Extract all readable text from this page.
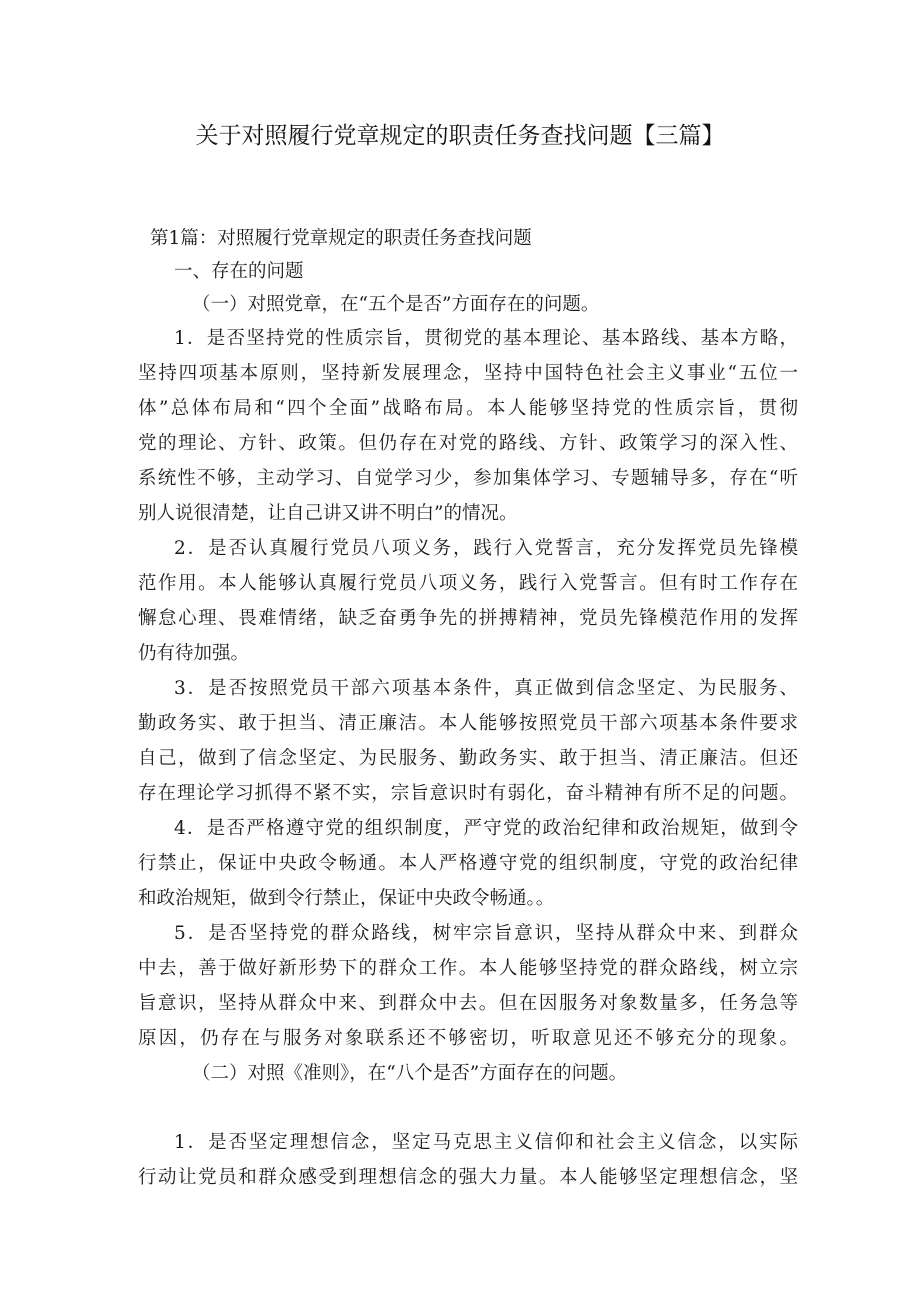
关于对照履行党章规定的职责任务查找问题【三篇】
第1篇：对照履行党章规定的职责任务查找问题
一、存在的问题
（一）对照党章，在“五个是否”方面存在的问题。
1．是否坚持党的性质宗旨，贯彻党的基本理论、基本路线、基本方略，
坚持四项基本原则，坚持新发展理念，坚持中国特色社会主义事业“五位一
体”总体布局和“四个全面”战略布局。本人能够坚持党的性质宗旨，贯彻
党的理论、方针、政策。但仍存在对党的路线、方针、政策学习的深入性、
系统性不够，主动学习、自觉学习少，参加集体学习、专题辅导多，存在“听
别人说很清楚，让自己讲又讲不明白”的情况。
2．是否认真履行党员八项义务，践行入党誓言，充分发挥党员先锋模
范作用。本人能够认真履行党员八项义务，践行入党誓言。但有时工作存在
懈怠心理、畏难情绪，缺乏奋勇争先的拼搏精神，党员先锋模范作用的发挥
仍有待加强。
3．是否按照党员干部六项基本条件，真正做到信念坚定、为民服务、
勤政务实、敢于担当、清正廉洁。本人能够按照党员干部六项基本条件要求
自己，做到了信念坚定、为民服务、勤政务实、敢于担当、清正廉洁。但还
存在理论学习抓得不紧不实，宗旨意识时有弱化，奋斗精神有所不足的问题。
4．是否严格遵守党的组织制度，严守党的政治纪律和政治规矩，做到令
行禁止，保证中央政令畅通。本人严格遵守党的组织制度，守党的政治纪律
和政治规矩，做到令行禁止，保证中央政令畅通。。
5．是否坚持党的群众路线，树牢宗旨意识，坚持从群众中来、到群众
中去，善于做好新形势下的群众工作。本人能够坚持党的群众路线，树立宗
旨意识，坚持从群众中来、到群众中去。但在因服务对象数量多，任务急等
原因，仍存在与服务对象联系还不够密切，听取意见还不够充分的现象。
（二）对照《准则》，在“八个是否”方面存在的问题。
1．是否坚定理想信念，坚定马克思主义信仰和社会主义信念，以实际
行动让党员和群众感受到理想信念的强大力量。本人能够坚定理想信念，坚
